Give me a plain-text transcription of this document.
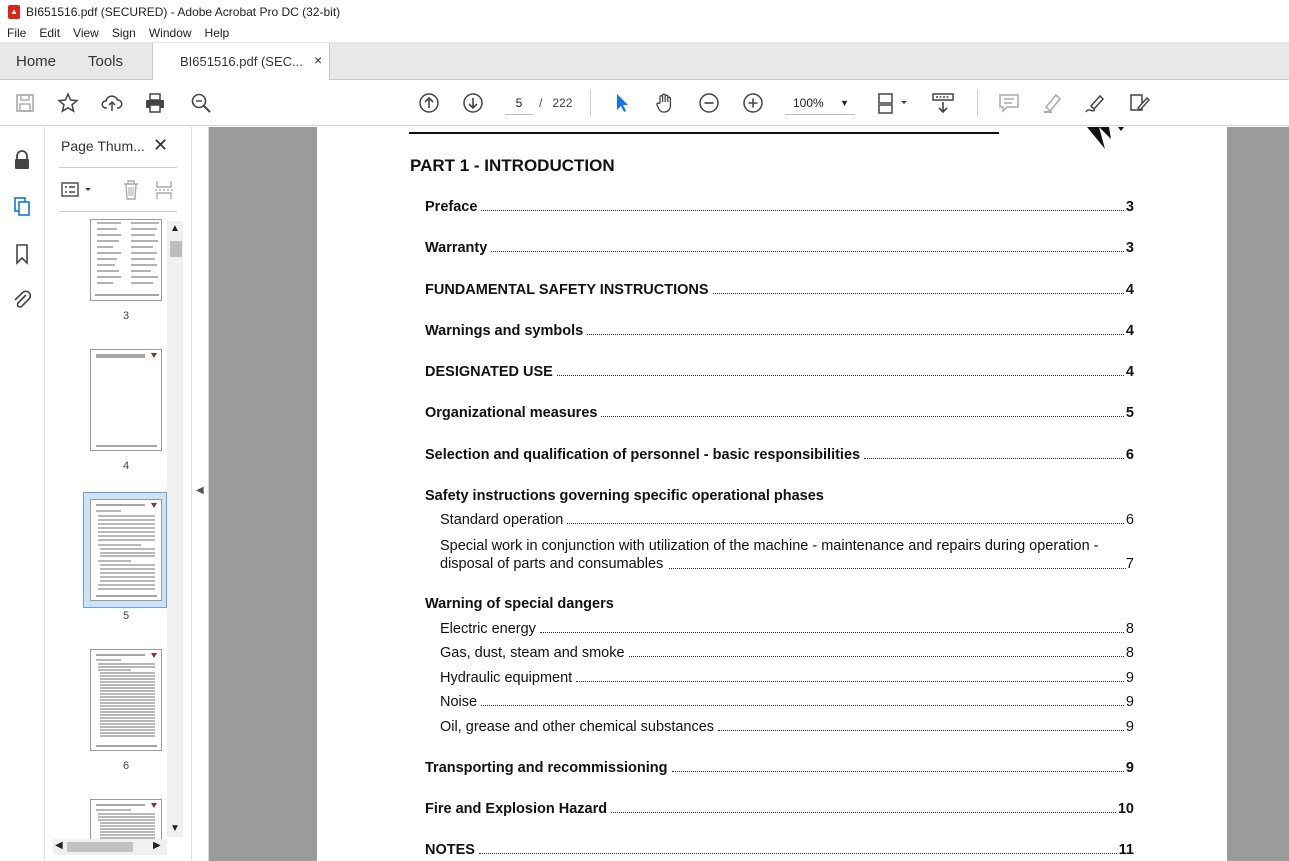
▲ BI651516.pdf (SECURED) - Adobe Acrobat Pro DC (32-bit)
File	Edit	View	Sign	Window	Help
Home Tools	BI651516.pdf (SEC... ×
5	/ 222	100% ▼
Page Thum... ✕
3
4
5
6
▲
▼
◀	▶
◀
PART 1 - INTRODUCTION
Preface	3
Warranty	3
FUNDAMENTAL SAFETY INSTRUCTIONS	4
Warnings and symbols	4
DESIGNATED USE	4
Organizational measures	5
Selection and qualification of personnel - basic responsibilities	6
Safety instructions governing specific operational phases
Standard operation	6
Special work in conjunction with utilization of the machine - maintenance and repairs during operation -
disposal of parts and consumables	7
Warning of special dangers
Electric energy	8
Gas, dust, steam and smoke	8
Hydraulic equipment	9
Noise	9
Oil, grease and other chemical substances	9
Transporting and recommissioning	9
Fire and Explosion Hazard	10
NOTES	11
